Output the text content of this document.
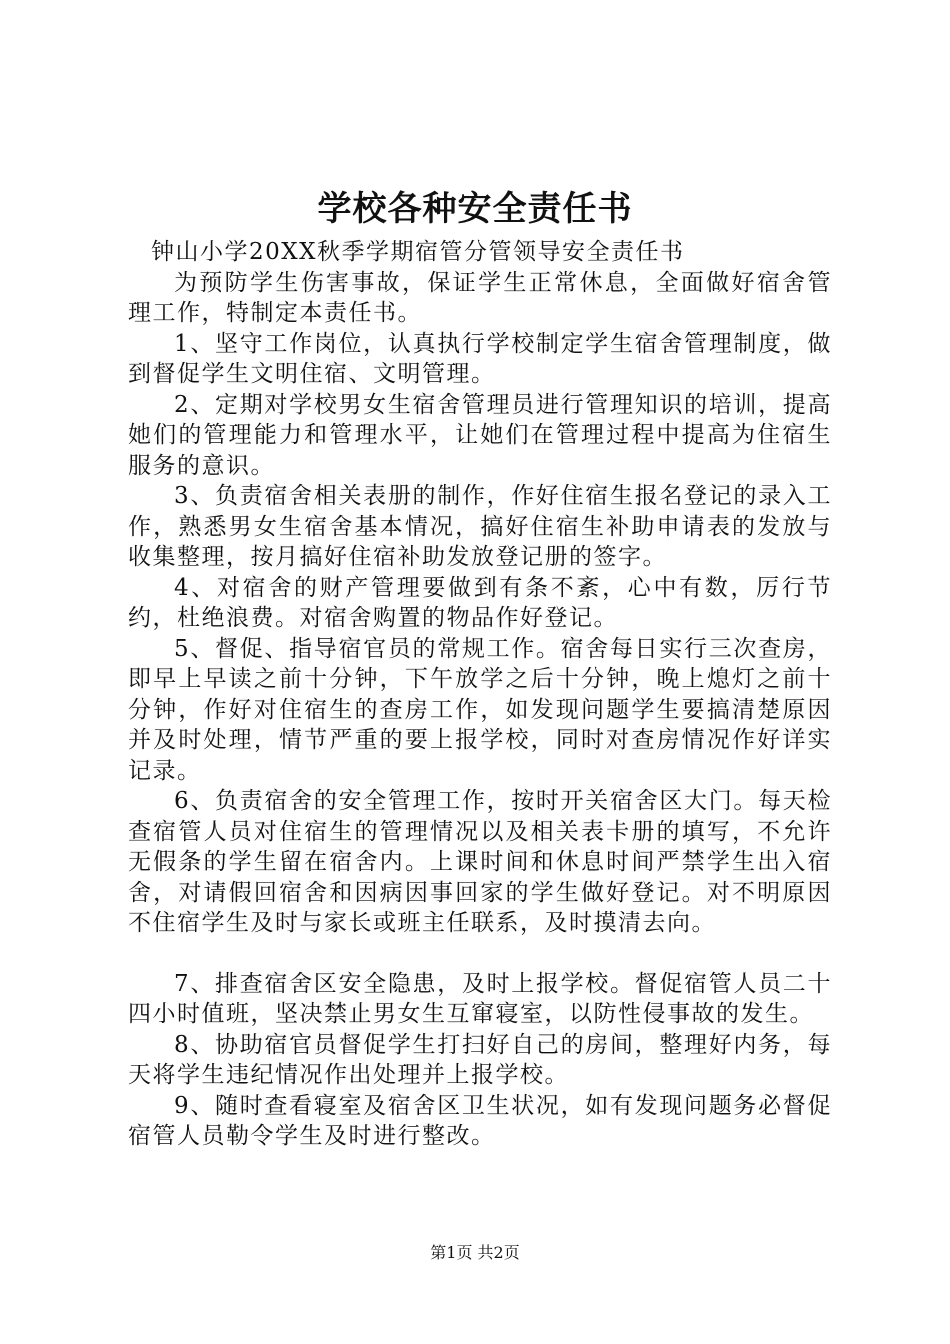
学校各种安全责任书

钟山小学20XX秋季学期宿管分管领导安全责任书

为预防学生伤害事故，保证学生正常休息，全面做好宿舍管理工作，特制定本责任书。

1、坚守工作岗位，认真执行学校制定学生宿舍管理制度，做到督促学生文明住宿、文明管理。

2、定期对学校男女生宿舍管理员进行管理知识的培训，提高她们的管理能力和管理水平，让她们在管理过程中提高为住宿生服务的意识。

3、负责宿舍相关表册的制作，作好住宿生报名登记的录入工作，熟悉男女生宿舍基本情况，搞好住宿生补助申请表的发放与收集整理，按月搞好住宿补助发放登记册的签字。

4、对宿舍的财产管理要做到有条不紊，心中有数，厉行节约，杜绝浪费。对宿舍购置的物品作好登记。

5、督促、指导宿官员的常规工作。宿舍每日实行三次查房，即早上早读之前十分钟，下午放学之后十分钟，晚上熄灯之前十分钟，作好对住宿生的查房工作，如发现问题学生要搞清楚原因并及时处理，情节严重的要上报学校，同时对查房情况作好详实记录。

6、负责宿舍的安全管理工作，按时开关宿舍区大门。每天检查宿管人员对住宿生的管理情况以及相关表卡册的填写，不允许无假条的学生留在宿舍内。上课时间和休息时间严禁学生出入宿舍，对请假回宿舍和因病因事回家的学生做好登记。对不明原因不住宿学生及时与家长或班主任联系，及时摸清去向。

7、排查宿舍区安全隐患，及时上报学校。督促宿管人员二十四小时值班，坚决禁止男女生互窜寝室，以防性侵事故的发生。

8、协助宿官员督促学生打扫好自己的房间，整理好内务，每天将学生违纪情况作出处理并上报学校。

9、随时查看寝室及宿舍区卫生状况，如有发现问题务必督促宿管人员勒令学生及时进行整改。

第1页 共2页
